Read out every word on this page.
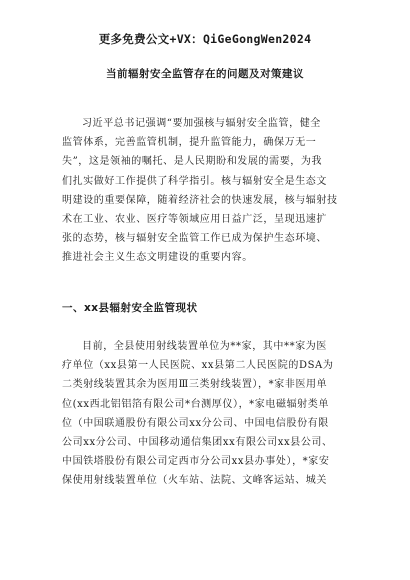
更多免费公文+VX：QiGeGongWen2024
当前辐射安全监管存在的问题及对策建议
习近平总书记强调“要加强核与辐射安全监管，健全
监管体系，完善监管机制，提升监管能力，确保万无一
失”，这是领袖的嘱托、是人民期盼和发展的需要，为我
们扎实做好工作提供了科学指引。核与辐射安全是生态文
明建设的重要保障，随着经济社会的快速发展，核与辐射技
术在工业、农业、医疗等领域应用日益广泛，呈现迅速扩
张的态势，核与辐射安全监管工作已成为保护生态环境、
推进社会主义生态文明建设的重要内容。
一、xx县辐射安全监管现状
目前，全县使用射线装置单位为**家，其中**家为医
疗单位（xx县第一人民医院、xx县第二人民医院的DSA为
二类射线装置其余为医用Ⅲ三类射线装置），*家非医用单
位(xx西北铝铝箔有限公司*台测厚仪），*家电磁辐射类单
位（中国联通股份有限公司xx分公司、中国电信股份有限
公司xx分公司、中国移动通信集团xx有限公司xx县公司、
中国铁塔股份有限公司定西市分公司xx县办事处），*家安
保使用射线装置单位（火车站、法院、文峰客运站、城关
